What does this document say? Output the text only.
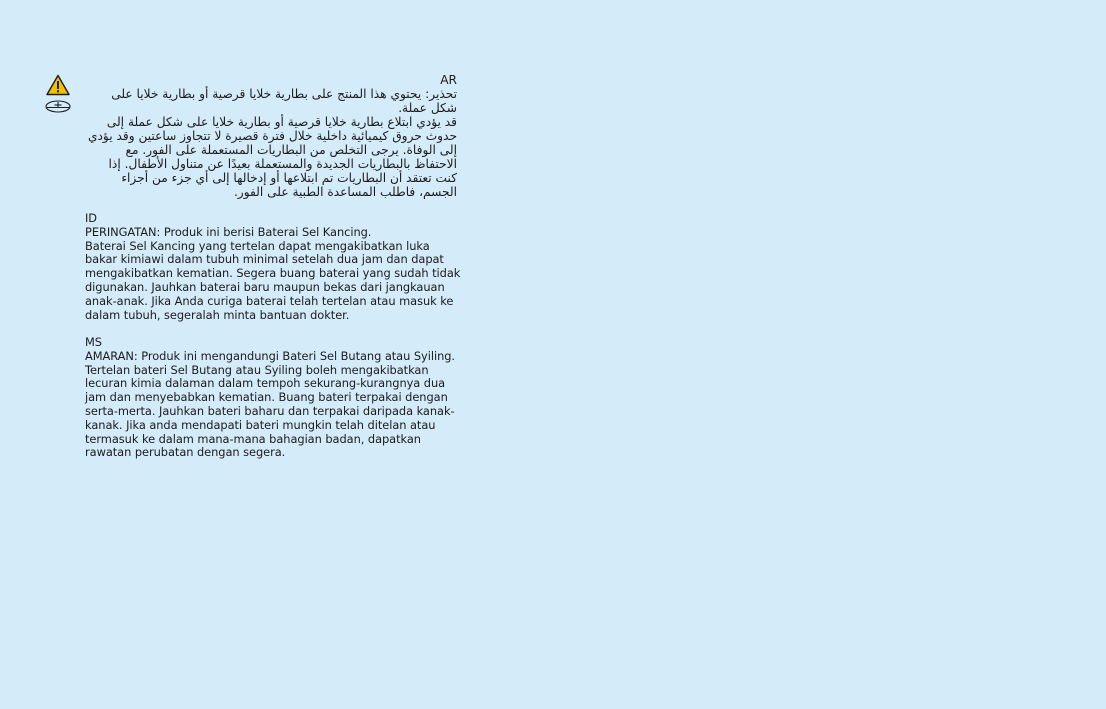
AR

تحذير: يحتوي هذا المنتج على بطارية خلايا قرصية أو بطارية خلايا على شكل عملة.

قد يؤدي ابتلاع بطارية خلايا قرصية أو بطارية خلايا على شكل عملة إلى حدوث حروق كيميائية داخلية خلال فترة قصيرة لا تتجاوز ساعتين وقد يؤدي إلى الوفاة. يرجى التخلص من البطاريات المستعملة على الفور. مع الاحتفاظ بالبطاريات الجديدة والمستعملة بعيدًا عن متناول الأطفال. إذا كنت تعتقد أن البطاريات تم ابتلاعها أو إدخالها إلى أي جزء من أجزاء الجسم، فاطلب المساعدة الطبية على الفور.

ID

PERINGATAN: Produk ini berisi Baterai Sel Kancing.

Baterai Sel Kancing yang tertelan dapat mengakibatkan luka bakar kimiawi dalam tubuh minimal setelah dua jam dan dapat mengakibatkan kematian. Segera buang baterai yang sudah tidak digunakan. Jauhkan baterai baru maupun bekas dari jangkauan anak-anak. Jika Anda curiga baterai telah tertelan atau masuk ke dalam tubuh, segeralah minta bantuan dokter.

MS

AMARAN: Produk ini mengandungi Bateri Sel Butang atau Syiling.

Tertelan bateri Sel Butang atau Syiling boleh mengakibatkan lecuran kimia dalaman dalam tempoh sekurang-kurangnya dua jam dan menyebabkan kematian. Buang bateri terpakai dengan serta-merta. Jauhkan bateri baharu dan terpakai daripada kanak-kanak. Jika anda mendapati bateri mungkin telah ditelan atau termasuk ke dalam mana-mana bahagian badan, dapatkan rawatan perubatan dengan segera.
